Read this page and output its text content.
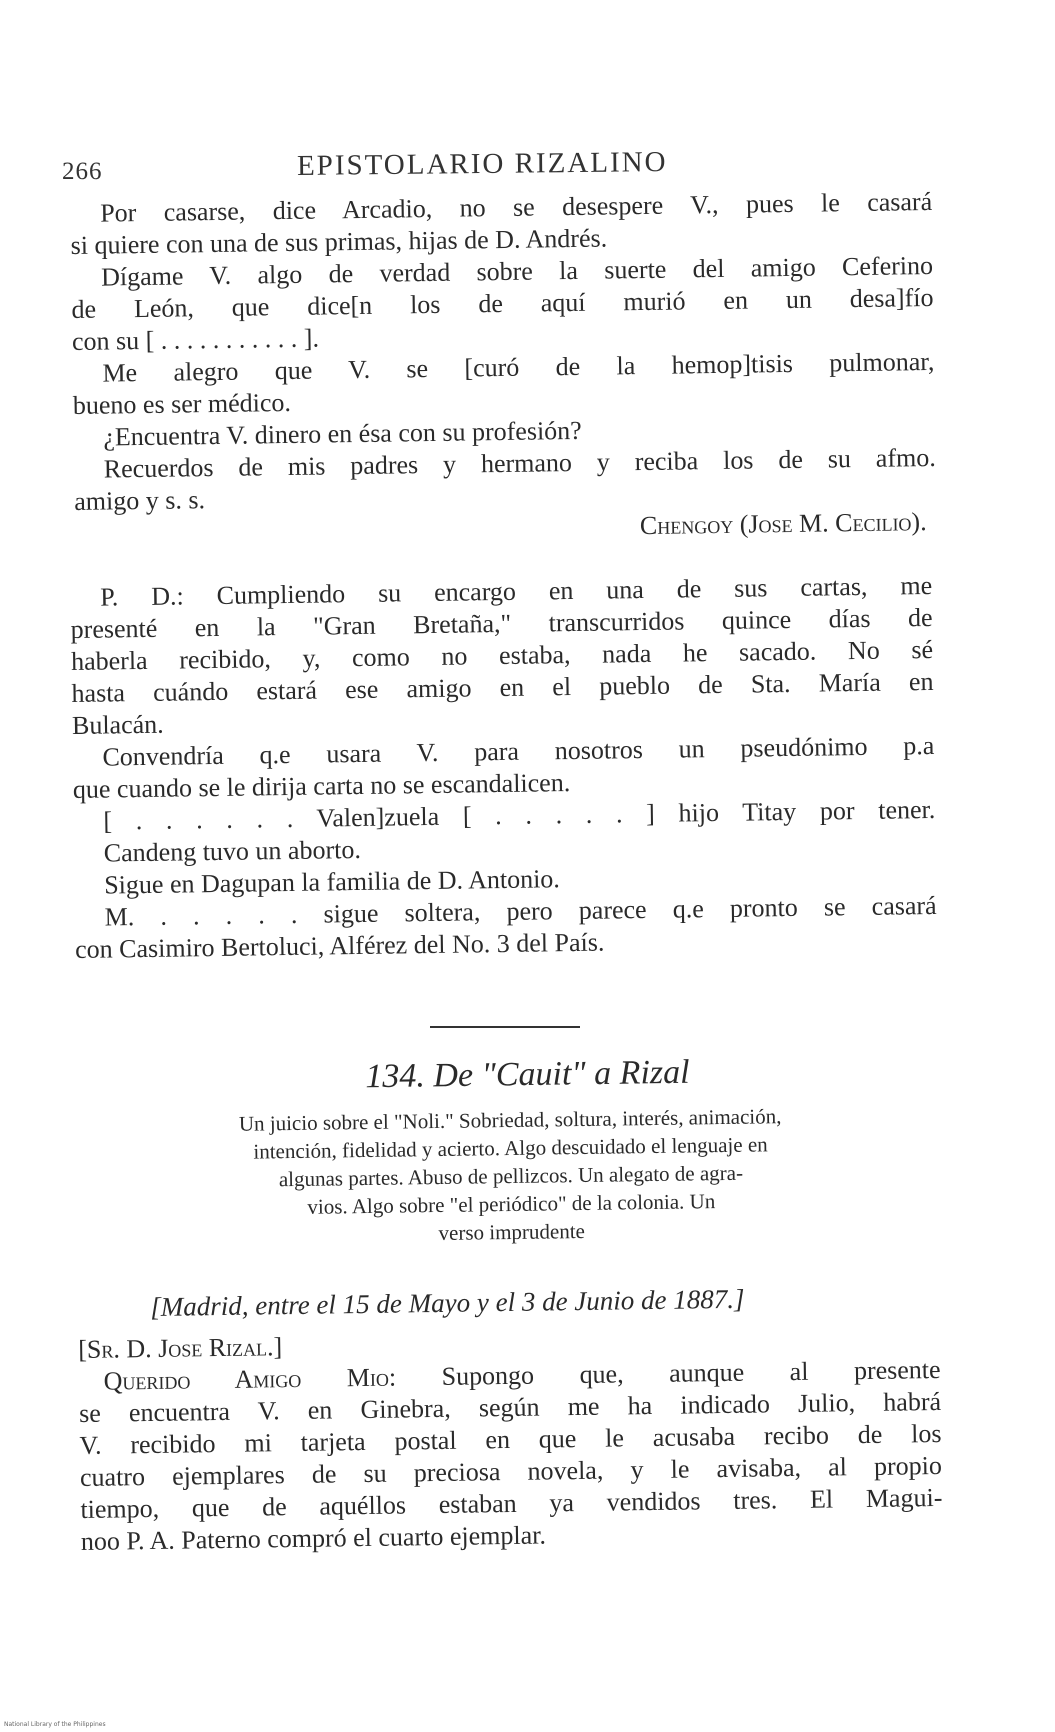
266	EPISTOLARIO RIZALINO
Por casarse, dice Arcadio, no se desespere V., pues le casará
si quiere con una de sus primas, hijas de D. Andrés.
Dígame V. algo de verdad sobre la suerte del amigo Ceferino
de León, que dice[n los de aquí murió en un desa]fío
con su [ . . . . . . . . . . . ].
Me alegro que V. se [curó de la hemop]tisis pulmonar,
bueno es ser médico.
¿Encuentra V. dinero en ésa con su profesión?
Recuerdos de mis padres y hermano y reciba los de su afmo.
amigo y s. s.
Chengoy (Jose M. Cecilio).
P. D.: Cumpliendo su encargo en una de sus cartas, me
presenté en la "Gran Bretaña," transcurridos quince días de
haberla recibido, y, como no estaba, nada he sacado. No sé
hasta cuándo estará ese amigo en el pueblo de Sta. María en
Bulacán.
Convendría q.e usara V. para nosotros un pseudónimo p.a
que cuando se le dirija carta no se escandalicen.
[ . . . . . . Valen]zuela [ . . . . . ] hijo Titay por tener.
Candeng tuvo un aborto.
Sigue en Dagupan la familia de D. Antonio.
M. . . . . . sigue soltera, pero parece q.e pronto se casará
con Casimiro Bertoluci, Alférez del No. 3 del País.
134. De "Cauit" a Rizal
Un juicio sobre el "Noli." Sobriedad, soltura, interés, animación,
intención, fidelidad y acierto. Algo descuidado el lenguaje en
algunas partes. Abuso de pellizcos. Un alegato de agra-
vios. Algo sobre "el periódico" de la colonia. Un
verso imprudente
[Madrid, entre el 15 de Mayo y el 3 de Junio de 1887.]
[Sr. D. Jose Rizal.]
Querido Amigo Mio: Supongo que, aunque al presente
se encuentra V. en Ginebra, según me ha indicado Julio, habrá
V. recibido mi tarjeta postal en que le acusaba recibo de los
cuatro ejemplares de su preciosa novela, y le avisaba, al propio
tiempo, que de aquéllos estaban ya vendidos tres. El Magui-
noo P. A. Paterno compró el cuarto ejemplar.
National Library of the Philippines
